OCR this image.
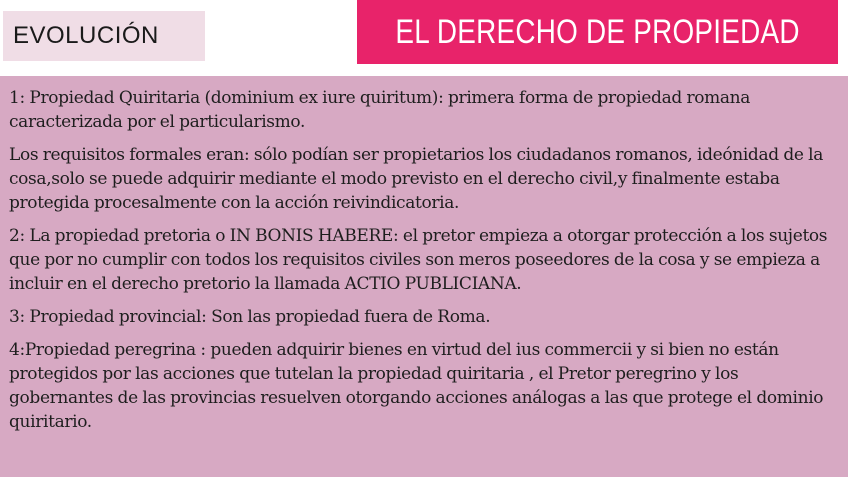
EVOLUCIÓN	EL DERECHO DE PROPIEDAD

1: Propiedad Quiritaria (dominium ex iure quiritum): primera forma de propiedad romana caracterizada por el particularismo.

Los requisitos formales eran: sólo podían ser propietarios los ciudadanos romanos, ideónidad de la cosa,solo se puede adquirir mediante el modo previsto en el derecho civil,y finalmente estaba protegida procesalmente con la acción reivindicatoria.

2: La propiedad pretoria o IN BONIS HABERE: el pretor empieza a otorgar protección a los sujetos que por no cumplir con todos los requisitos civiles son meros poseedores de la cosa y se empieza a incluir en el derecho pretorio la llamada ACTIO PUBLICIANA.

3: Propiedad provincial: Son las propiedad fuera de Roma.

4:Propiedad peregrina : pueden adquirir bienes en virtud del ius commercii y si bien no están protegidos por las acciones que tutelan la propiedad quiritaria , el Pretor peregrino y los gobernantes de las provincias resuelven otorgando acciones análogas a las que protege el dominio quiritario.
